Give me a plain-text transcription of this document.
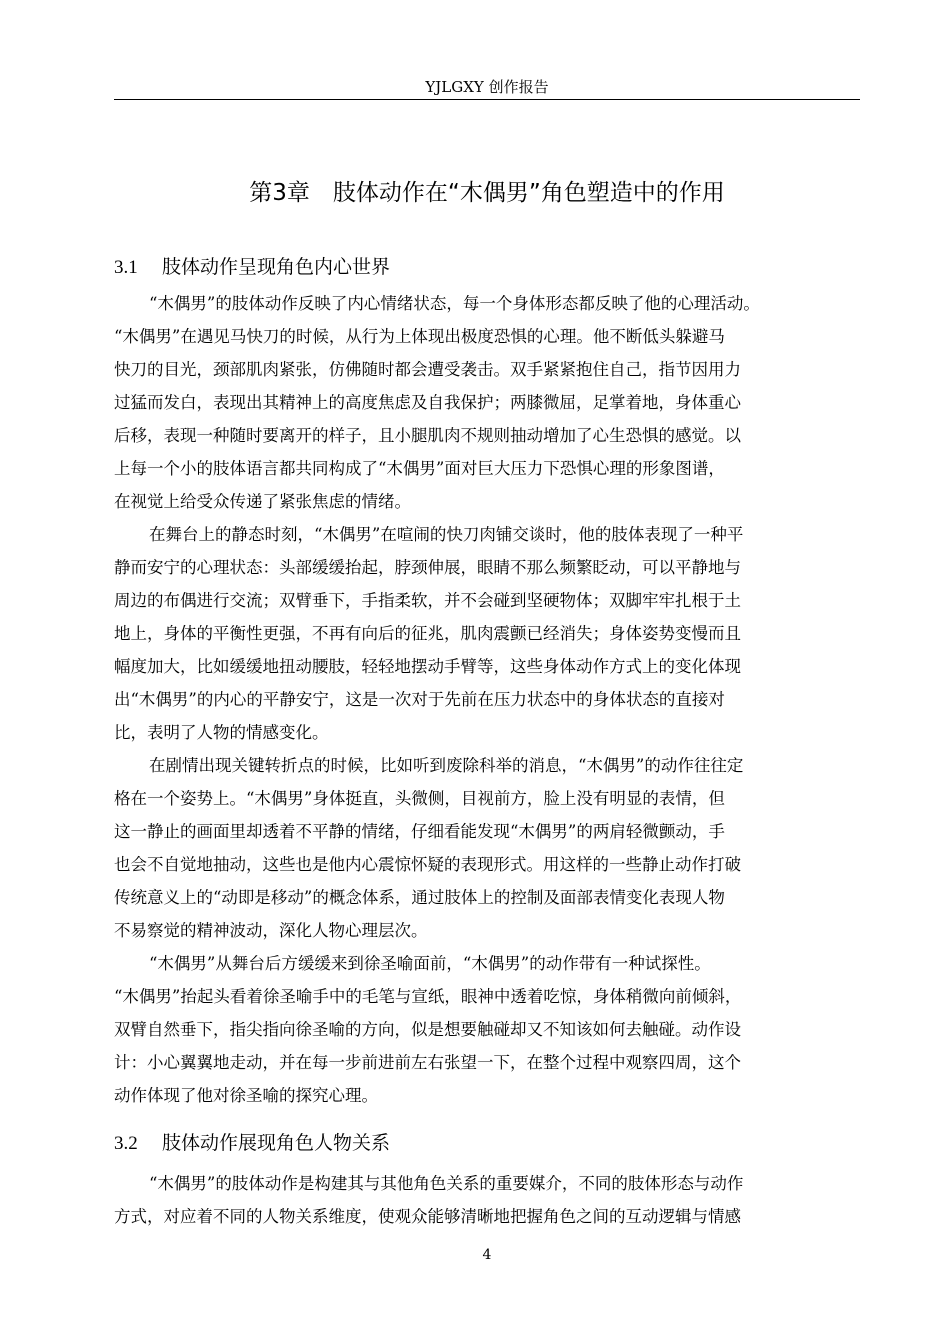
YJLGXY 创作报告
第3章　肢体动作在“木偶男”角色塑造中的作用
3.1 肢体动作呈现角色内心世界
“木偶男”的肢体动作反映了内心情绪状态，每一个身体形态都反映了他的心理活动。
“木偶男”在遇见马快刀的时候，从行为上体现出极度恐惧的心理。他不断低头躲避马
快刀的目光，颈部肌肉紧张，仿佛随时都会遭受袭击。双手紧紧抱住自己，指节因用力
过猛而发白，表现出其精神上的高度焦虑及自我保护；两膝微屈，足掌着地，身体重心
后移，表现一种随时要离开的样子，且小腿肌肉不规则抽动增加了心生恐惧的感觉。以
上每一个小的肢体语言都共同构成了“木偶男”面对巨大压力下恐惧心理的形象图谱，
在视觉上给受众传递了紧张焦虑的情绪。
在舞台上的静态时刻，“木偶男”在喧闹的快刀肉铺交谈时，他的肢体表现了一种平
静而安宁的心理状态：头部缓缓抬起，脖颈伸展，眼睛不那么频繁眨动，可以平静地与
周边的布偶进行交流；双臂垂下，手指柔软，并不会碰到坚硬物体；双脚牢牢扎根于土
地上，身体的平衡性更强，不再有向后的征兆，肌肉震颤已经消失；身体姿势变慢而且
幅度加大，比如缓缓地扭动腰肢，轻轻地摆动手臂等，这些身体动作方式上的变化体现
出“木偶男”的内心的平静安宁，这是一次对于先前在压力状态中的身体状态的直接对
比，表明了人物的情感变化。
在剧情出现关键转折点的时候，比如听到废除科举的消息，“木偶男”的动作往往定
格在一个姿势上。“木偶男”身体挺直，头微侧，目视前方，脸上没有明显的表情，但
这一静止的画面里却透着不平静的情绪，仔细看能发现“木偶男”的两肩轻微颤动，手
也会不自觉地抽动，这些也是他内心震惊怀疑的表现形式。用这样的一些静止动作打破
传统意义上的“动即是移动”的概念体系，通过肢体上的控制及面部表情变化表现人物
不易察觉的精神波动，深化人物心理层次。
“木偶男”从舞台后方缓缓来到徐圣喻面前，“木偶男”的动作带有一种试探性。
“木偶男”抬起头看着徐圣喻手中的毛笔与宣纸，眼神中透着吃惊，身体稍微向前倾斜，
双臂自然垂下，指尖指向徐圣喻的方向，似是想要触碰却又不知该如何去触碰。动作设
计：小心翼翼地走动，并在每一步前进前左右张望一下，在整个过程中观察四周，这个
动作体现了他对徐圣喻的探究心理。
3.2 肢体动作展现角色人物关系
“木偶男”的肢体动作是构建其与其他角色关系的重要媒介，不同的肢体形态与动作
方式，对应着不同的人物关系维度，使观众能够清晰地把握角色之间的互动逻辑与情感
4
